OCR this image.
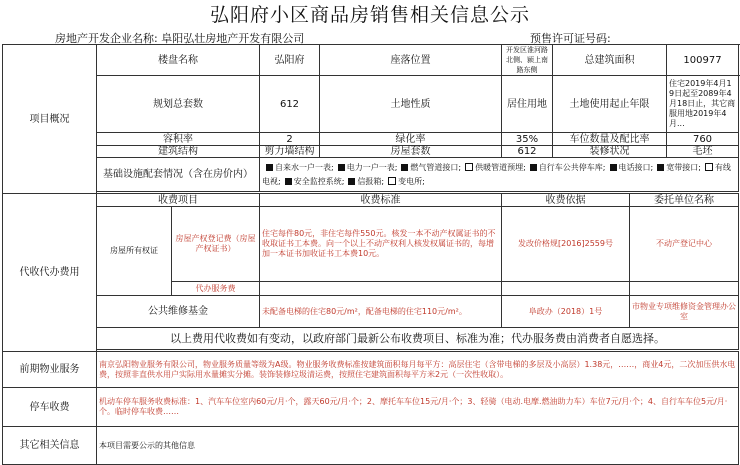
弘阳府小区商品房销售相关信息公示
房地产开发企业名称: 阜阳弘壮房地产开发有限公司	预售许可证号码:
项目概况	楼盘名称		弘阳府	座落位置	开发区淮河路北侧、颍上南路东侧	总建筑面积		100977	
	规划总套数		612	土地性质	居住用地	土地使用起止年限		住宅2019年4月19日起至2089年4月18日止，其它商服用地2019年4月...	
	容积率		2	绿化率	35%	车位数量及配比率		760	
	建筑结构		剪力墙结构	房屋套数	612	装修状况		毛坯	
	基础设施配套情况（含在房价内）		自来水一户一表; 电力一户一表; 燃气管道接口; 供暖管道预埋; 自行车公共停车库; 电话接口; 宽带接口; 有线电视; 安全监控系统; 信报箱; 变电所;						

代收代办费用	收费项目		收费标准		收费依据		委托单位名称		
	房屋所有权证	房屋产权登记费（房屋产权证书）	住宅每件80元，非住宅每件550元。核发一本不动产权属证书的不收取证书工本费。向一个以上不动产权利人核发权属证书的，每增加一本证书加收证书工本费10元。		发改价格规[2016]2559号		不动产登记中心		
		代办服务费							
	公共维修基金		未配备电梯的住宅80元/m²，配备电梯的住宅110元/m²。		阜政办（2018）1号		市物业专项维修资金管理办公室		
	以上费用代收费如有变动，以政府部门最新公布收费项目、标准为准；代办服务费由消费者自愿选择。								

前期物业服务	南京弘阳物业服务有限公司，物业服务质量等级为A级。物业服务收费标准按建筑面积每月每平方：高层住宅（含带电梯的多层及小高层）1.38元，……，商业4元，二次加压供水电费，按照非直供水用户实际用水量摊实分摊。装饰装修垃圾清运费，按照住宅建筑面积每平方米2元（一次性收取）。								
停车收费	机动车停车服务收费标准：1、汽车车位室内60元/月·个，露天60元/月·个；2、摩托车车位15元/月·个；3、轻骑（电动.电摩.燃油助力车）车位7元/月·个；4、自行车车位5元/月·个。临时停车收费……								
其它相关信息	本项目需要公示的其他信息								
